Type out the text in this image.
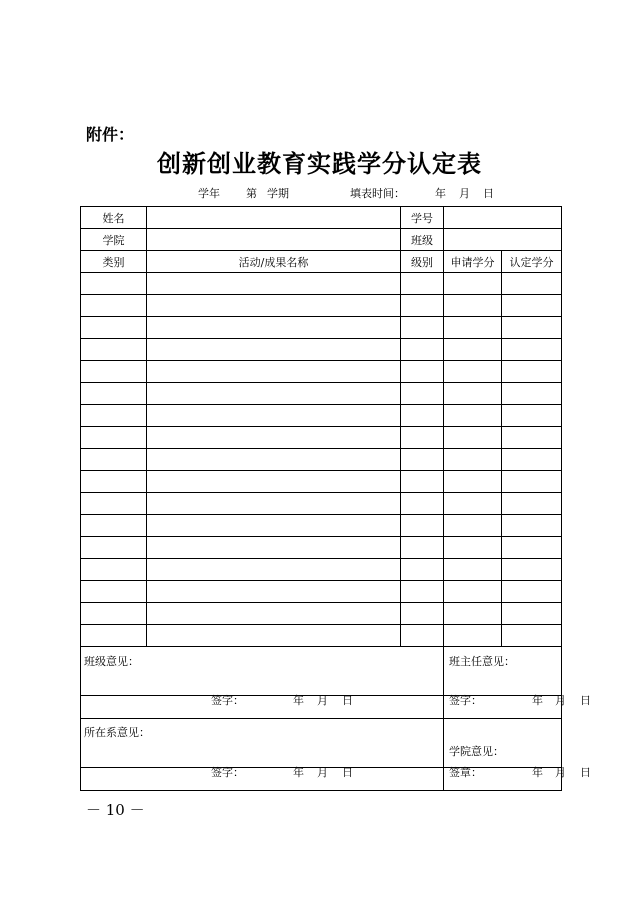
附件：
创新创业教育实践学分认定表
学年 第 学期	填表时间：	年 月 日
姓名		学号		
学院		班级		
类别	活动/成果名称	级别	申请学分	认定学分

班级意见：			班主任意见：	

签字： 年 月 日			签字： 年 月 日	

所在系意见：			学院意见：	

签字： 年 月 日			签章： 年 月 日	
－ 10 －
